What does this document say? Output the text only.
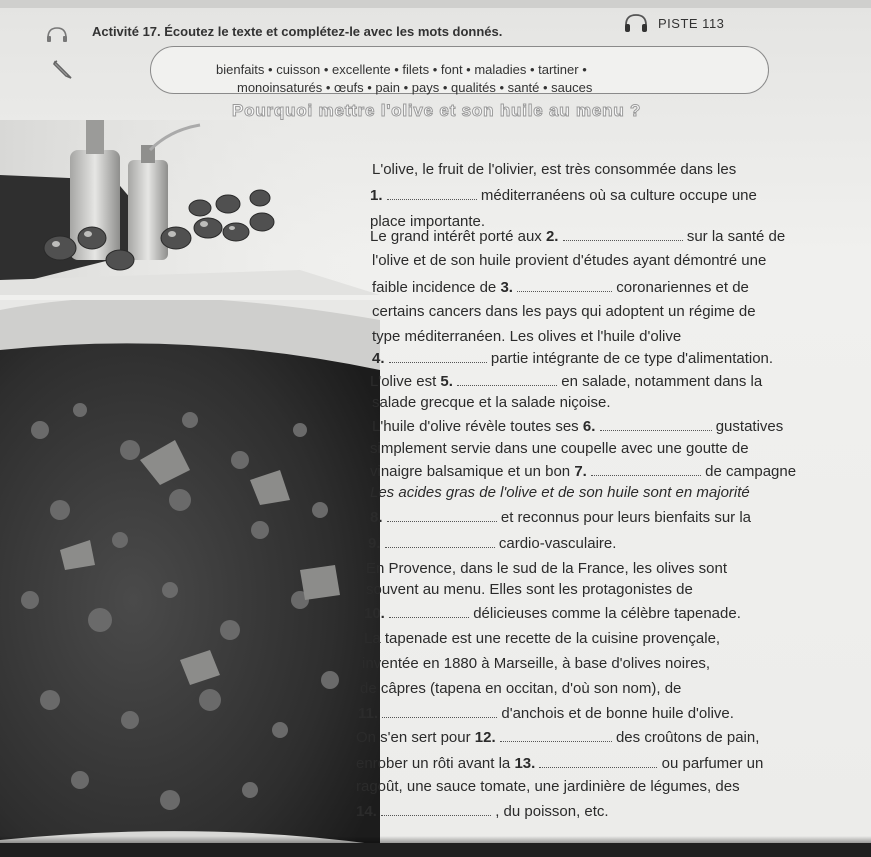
Activité 17. Écoutez le texte et complétez-le avec les mots donnés.
PISTE 113
bienfaits • cuisson • excellente • filets • font • maladies • tartiner •
monoinsaturés • œufs • pain • pays • qualités • santé • sauces
Pourquoi mettre l'olive et son huile au menu ?
L'olive, le fruit de l'olivier, est très consommée dans les
1.	méditerranéens où sa culture occupe une
place importante.
Le grand intérêt porté aux 2.	sur la santé de
l'olive et de son huile provient d'études ayant démontré une
faible incidence de 3.	coronariennes et de
certains cancers dans les pays qui adoptent un régime de
type méditerranéen. Les olives et l'huile d'olive
4.	partie intégrante de ce type d'alimentation.
L'olive est 5.	en salade, notamment dans la
salade grecque et la salade niçoise.
L'huile d'olive révèle toutes ses 6.	gustatives
simplement servie dans une coupelle avec une goutte de
vinaigre balsamique et un bon 7.	de campagne
Les acides gras de l'olive et de son huile sont en majorité
8.	et reconnus pour leurs bienfaits sur la
9.	cardio-vasculaire.
En Provence, dans le sud de la France, les olives sont
souvent au menu. Elles sont les protagonistes de
10.	délicieuses comme la célèbre tapenade.
La tapenade est une recette de la cuisine provençale,
inventée en 1880 à Marseille, à base d'olives noires,
de câpres (tapena en occitan, d'où son nom), de
11.	d'anchois et de bonne huile d'olive.
On s'en sert pour 12.	des croûtons de pain,
enrober un rôti avant la 13.	ou parfumer un
ragoût, une sauce tomate, une jardinière de légumes, des
14.	, du poisson, etc.
